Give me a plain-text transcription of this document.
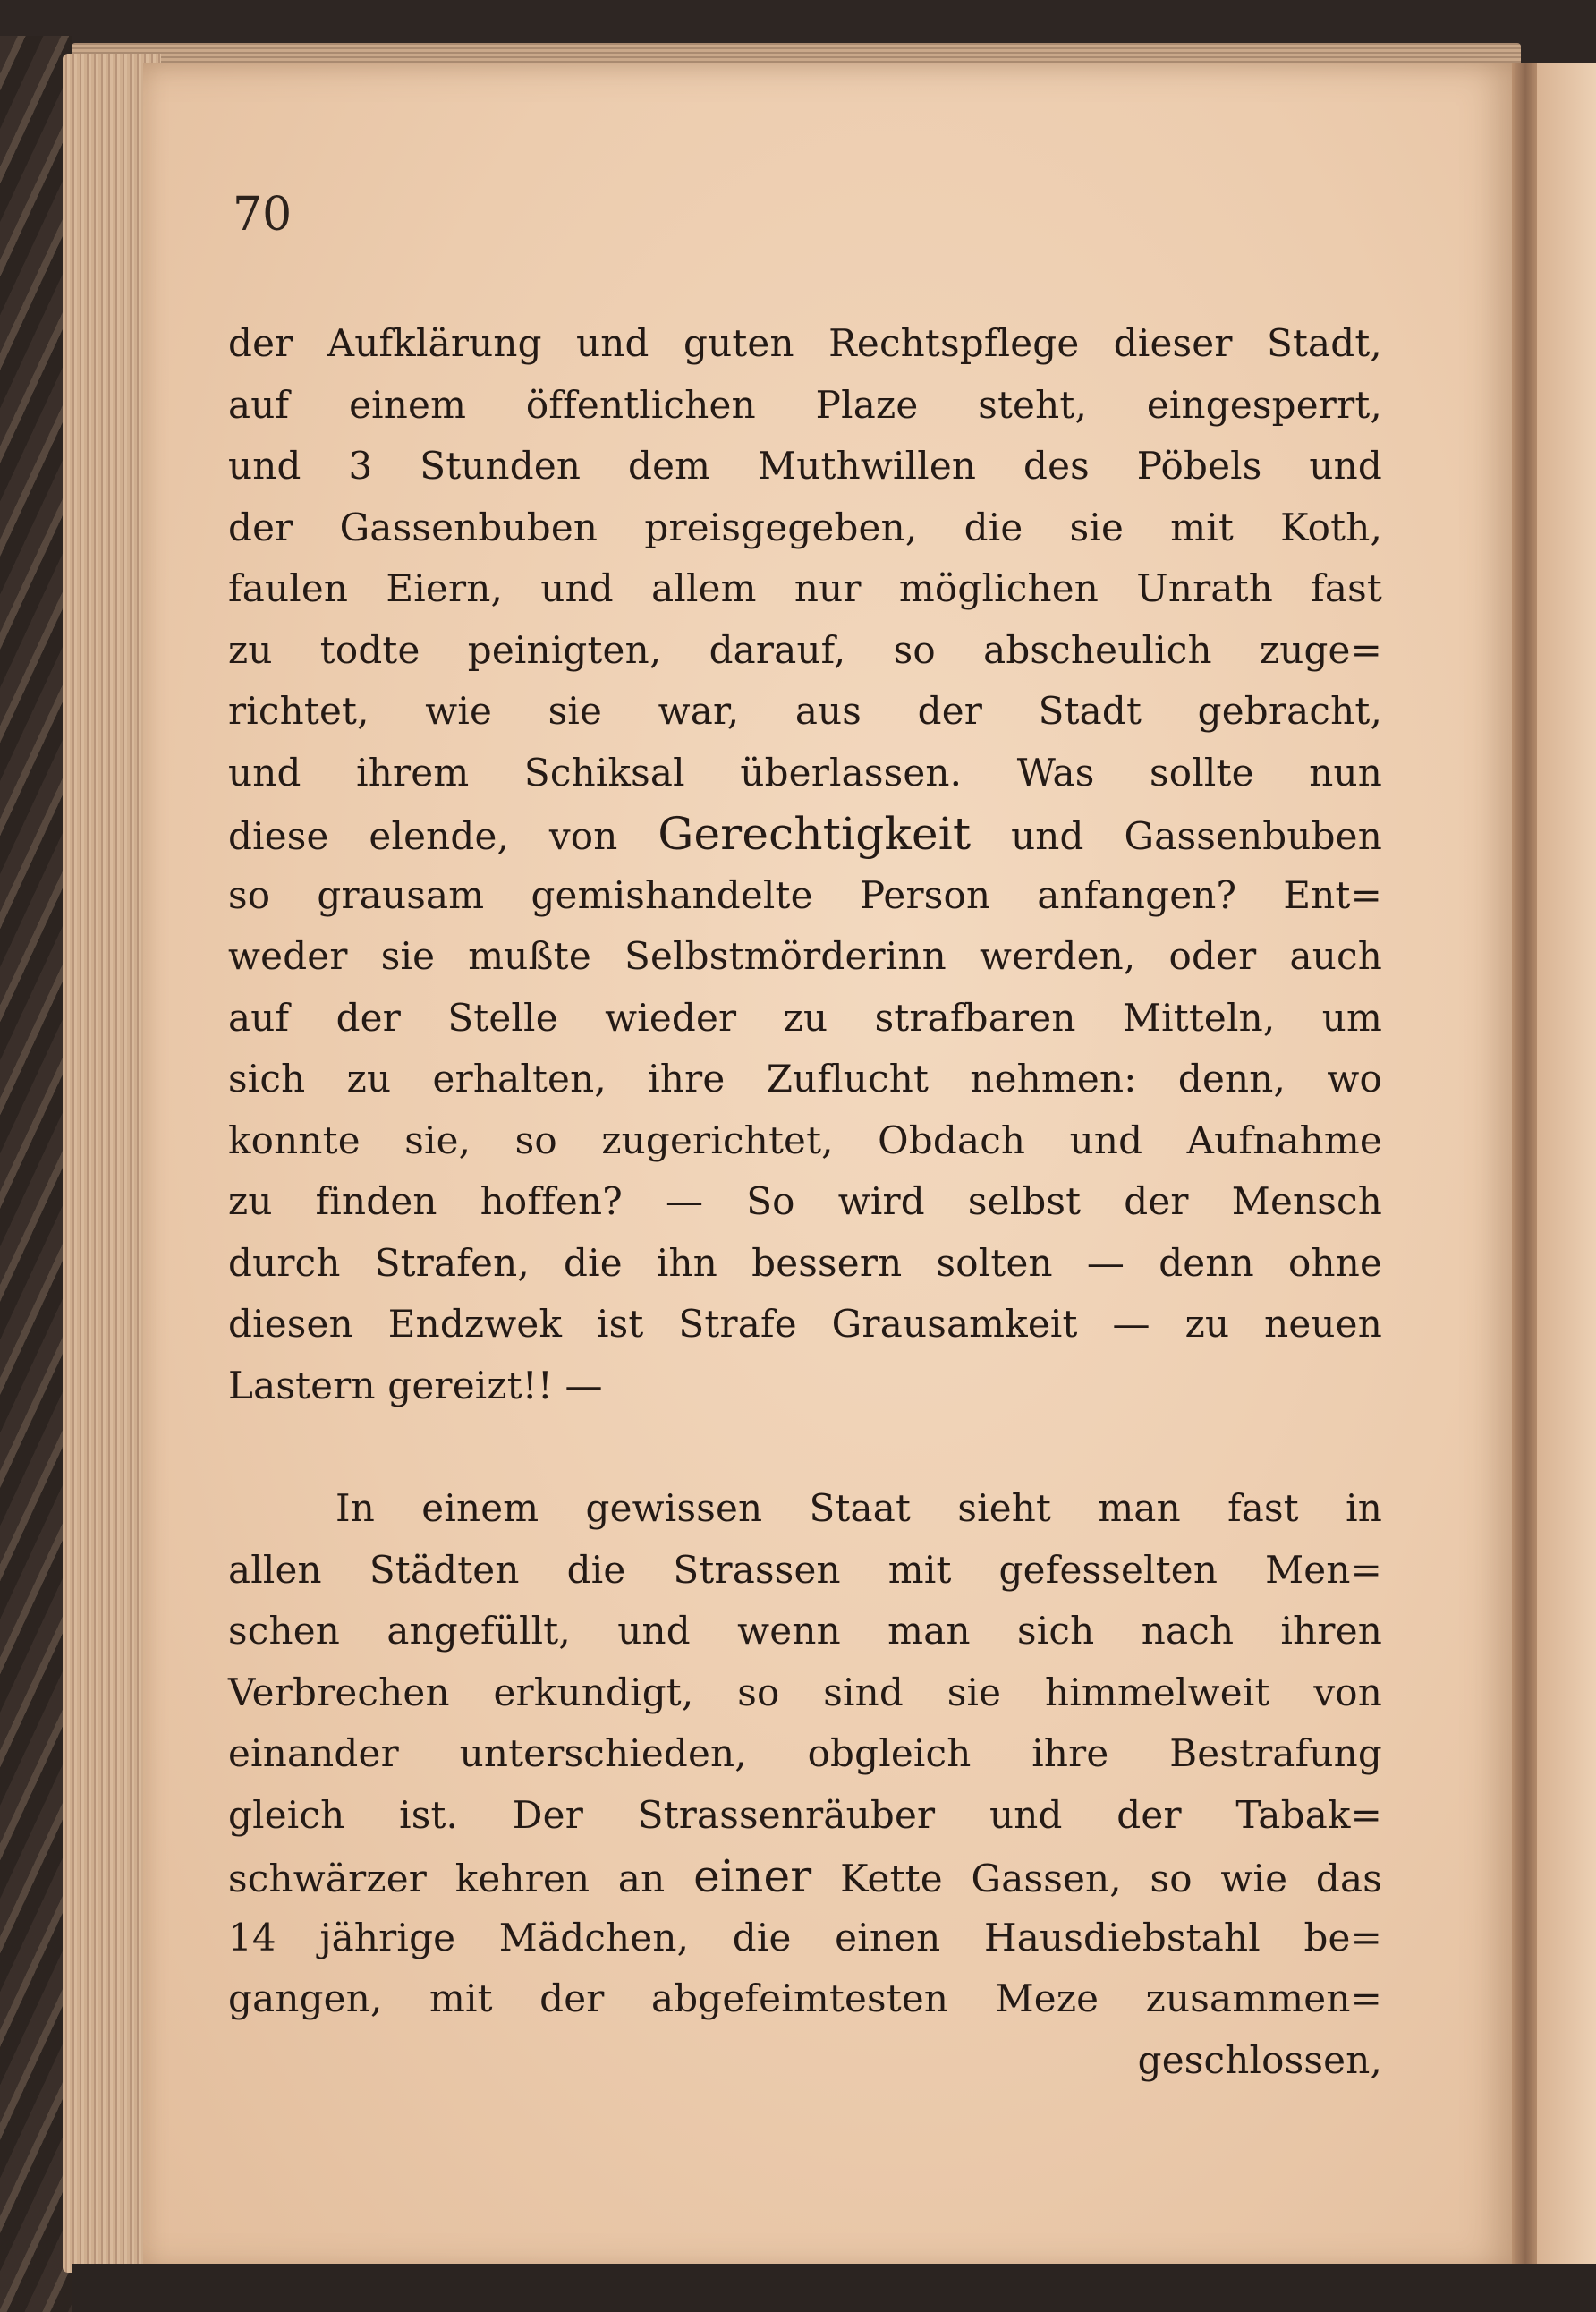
70
der Aufklärung und guten Rechtspflege dieser Stadt,
auf einem öffentlichen Plaze steht, eingesperrt,
und 3 Stunden dem Muthwillen des Pöbels und
der Gassenbuben preisgegeben, die sie mit Koth,
faulen Eiern, und allem nur möglichen Unrath fast
zu todte peinigten, darauf, so abscheulich zuge=
richtet, wie sie war, aus der Stadt gebracht,
und ihrem Schiksal überlassen. Was sollte nun
diese elende, von Gerechtigkeit und Gassenbuben
so grausam gemishandelte Person anfangen? Ent=
weder sie mußte Selbstmörderinn werden, oder auch
auf der Stelle wieder zu strafbaren Mitteln, um
sich zu erhalten, ihre Zuflucht nehmen: denn, wo
konnte sie, so zugerichtet, Obdach und Aufnahme
zu finden hoffen? — So wird selbst der Mensch
durch Strafen, die ihn bessern solten — denn ohne
diesen Endzwek ist Strafe Grausamkeit — zu neuen
Lastern gereizt!! —
In einem gewissen Staat sieht man fast in
allen Städten die Strassen mit gefesselten Men=
schen angefüllt, und wenn man sich nach ihren
Verbrechen erkundigt, so sind sie himmelweit von
einander unterschieden, obgleich ihre Bestrafung
gleich ist. Der Strassenräuber und der Tabak=
schwärzer kehren an einer Kette Gassen, so wie das
14 jährige Mädchen, die einen Hausdiebstahl be=
gangen, mit der abgefeimtesten Meze zusammen=
geschlossen,
